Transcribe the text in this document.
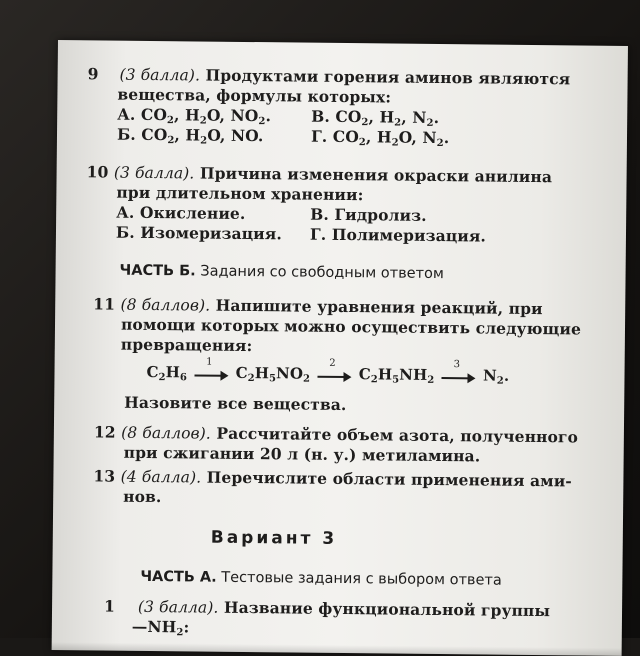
9 (3 балла). Продуктами горения аминов являются
вещества, формулы которых:
А. $CO_2$, $H_2O$, $NO_2$.	В. $CO_2$, $H_2$, $N_2$.
Б. $CO_2$, $H_2O$, NO.	Г. $CO_2$, $H_2O$, $N_2$.
10 (3 балла). Причина изменения окраски анилина
при длительном хранении:
А. Окисление.	В. Гидролиз.
Б. Изомеризация. Г. Полимеризация.
ЧАСТЬ Б. Задания со свободным ответом
11 (8 баллов). Напишите уравнения реакций, при
помощи которых можно осуществить следующие
превращения:
$C_2H_6$
1
$C_2H_5NO_2$
2
$C_2H_5NH_2$
3
$N_2$.
Назовите все вещества.
12 (8 баллов). Рассчитайте объем азота, полученного
при сжигании 20 л (н. у.) метиламина.
13 (4 балла). Перечислите области применения ами-
нов.
Вариант 3
ЧАСТЬ А. Тестовые задания с выбором ответа
1 (3 балла). Название функциональной группы
$—NH_2$:
